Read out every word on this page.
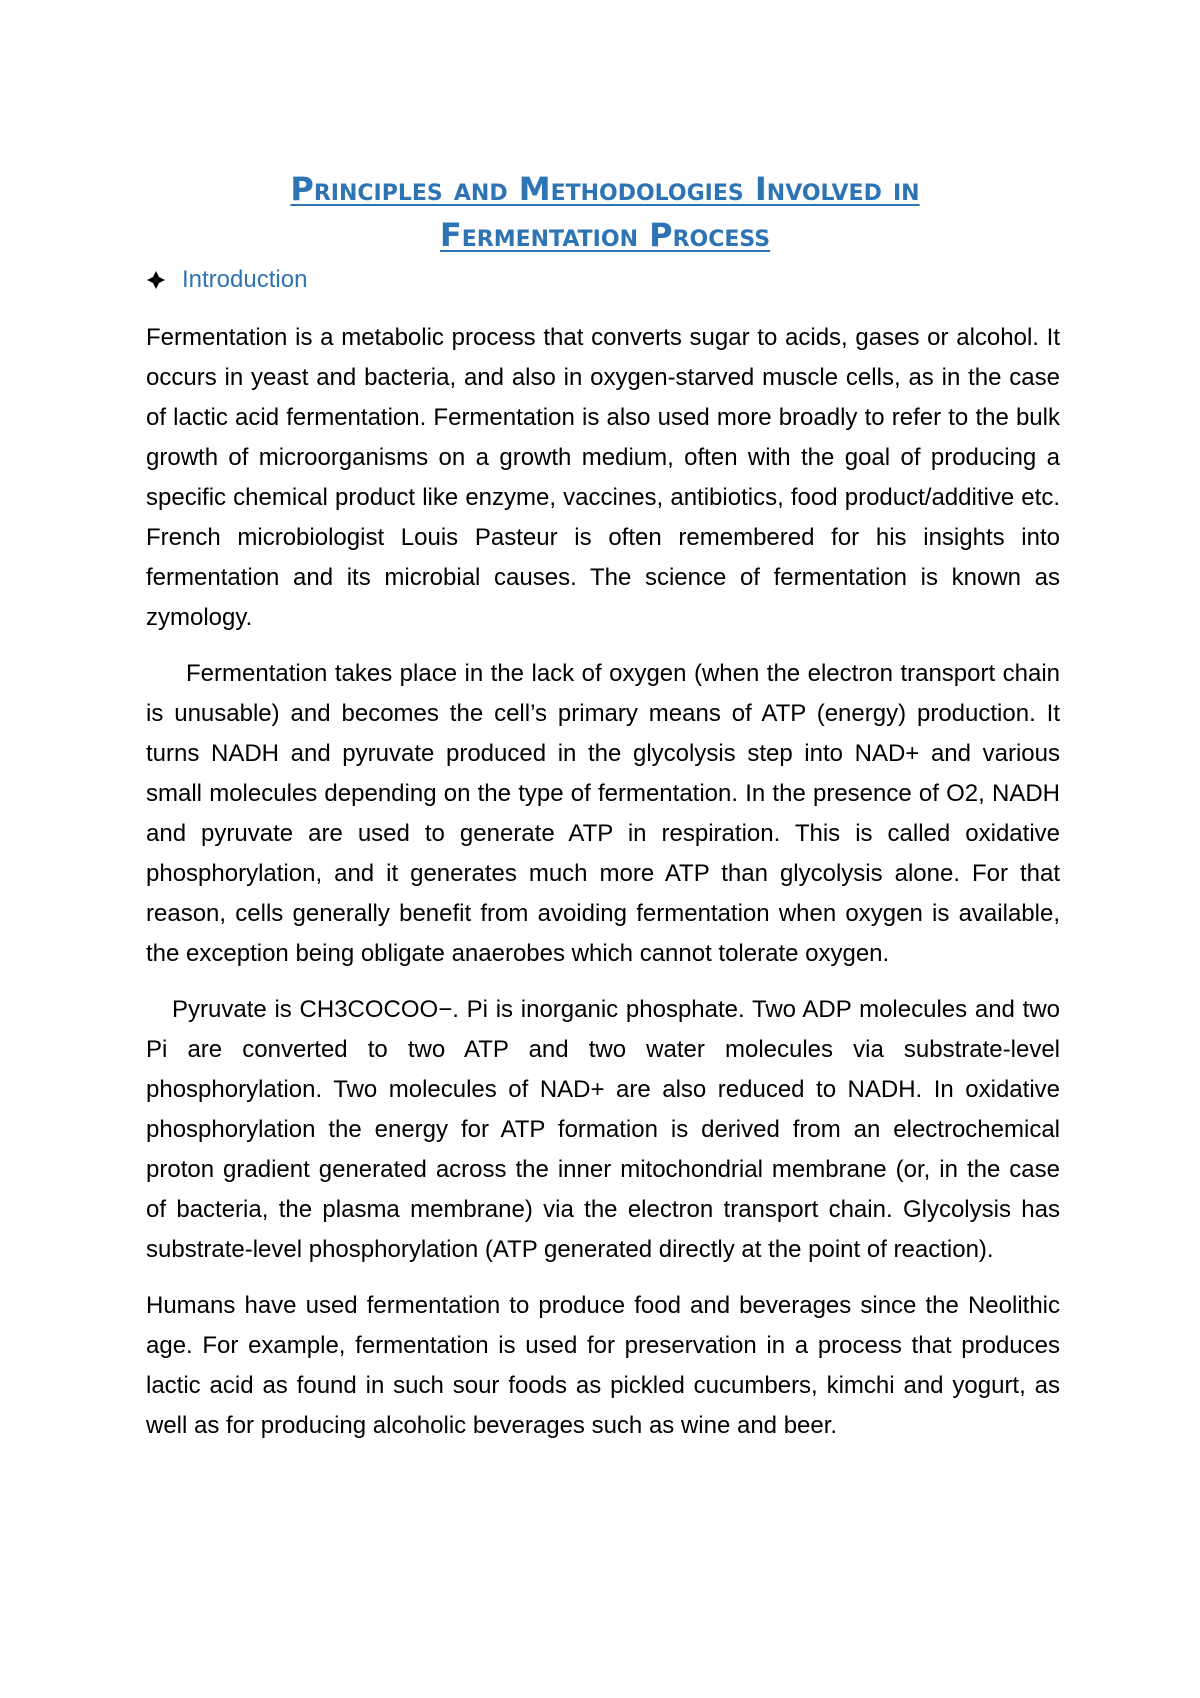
Principles and Methodologies Involved in
Fermentation Process
Introduction

Fermentation is a metabolic process that converts sugar to acids, gases or alcohol. It occurs in yeast and bacteria, and also in oxygen-starved muscle cells, as in the case of lactic acid fermentation. Fermentation is also used more broadly to refer to the bulk growth of microorganisms on a growth medium, often with the goal of producing a specific chemical product like enzyme, vaccines, antibiotics, food product/additive etc. French microbiologist Louis Pasteur is often remembered for his insights into fermentation and its microbial causes. The science of fermentation is known as zymology.

Fermentation takes place in the lack of oxygen (when the electron transport chain is unusable) and becomes the cell’s primary means of ATP (energy) production. It turns NADH and pyruvate produced in the glycolysis step into NAD+ and various small molecules depending on the type of fermentation. In the presence of O2, NADH and pyruvate are used to generate ATP in respiration. This is called oxidative phosphorylation, and it generates much more ATP than glycolysis alone. For that reason, cells generally benefit from avoiding fermentation when oxygen is available, the exception being obligate anaerobes which cannot tolerate oxygen.

Pyruvate is CH3COCOO−. Pi is inorganic phosphate. Two ADP molecules and two Pi are converted to two ATP and two water molecules via substrate-level phosphorylation. Two molecules of NAD+ are also reduced to NADH. In oxidative phosphorylation the energy for ATP formation is derived from an electrochemical proton gradient generated across the inner mitochondrial membrane (or, in the case of bacteria, the plasma membrane) via the electron transport chain. Glycolysis has substrate-level phosphorylation (ATP generated directly at the point of reaction).

Humans have used fermentation to produce food and beverages since the Neolithic age. For example, fermentation is used for preservation in a process that produces lactic acid as found in such sour foods as pickled cucumbers, kimchi and yogurt, as well as for producing alcoholic beverages such as wine and beer.
